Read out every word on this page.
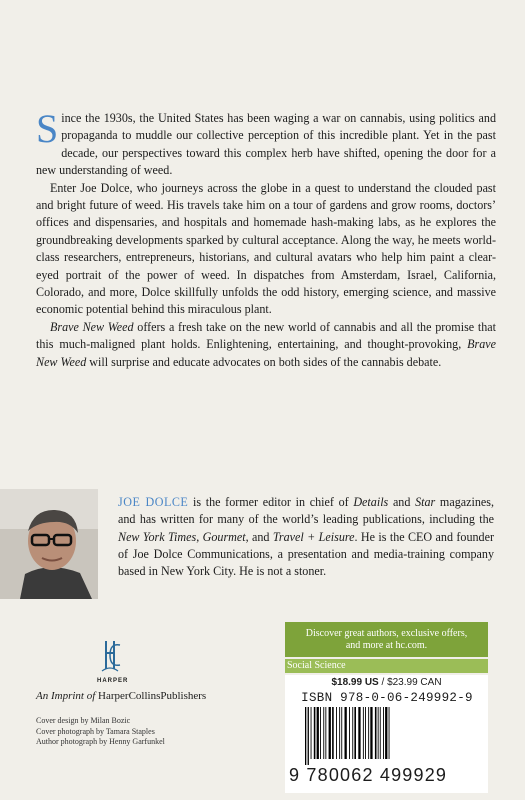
Since the 1930s, the United States has been waging a war on cannabis, using politics and propaganda to muddle our collective perception of this incredible plant. Yet in the past decade, our perspectives toward this complex herb have shifted, opening the door for a new understanding of weed.

Enter Joe Dolce, who journeys across the globe in a quest to understand the clouded past and bright future of weed. His travels take him on a tour of gardens and grow rooms, doctors’ offices and dispensaries, and hospitals and homemade hash-making labs, as he explores the groundbreaking developments sparked by cultural acceptance. Along the way, he meets world-class researchers, entrepreneurs, historians, and cultural avatars who help him paint a clear-eyed portrait of the power of weed. In dispatches from Amsterdam, Israel, California, Colorado, and more, Dolce skillfully unfolds the odd history, emerging science, and massive economic potential behind this miraculous plant.

Brave New Weed offers a fresh take on the new world of cannabis and all the promise that this much-maligned plant holds. Enlightening, entertaining, and thought-provoking, Brave New Weed will surprise and educate advocates on both sides of the cannabis debate.

JOE DOLCE is the former editor in chief of Details and Star magazines, and has written for many of the world’s leading publications, including the New York Times, Gourmet, and Travel + Leisure. He is the CEO and founder of Joe Dolce Communications, a presentation and media-training company based in New York City. He is not a stoner.
HARPER
An Imprint of HarperCollinsPublishers
Cover design by Milan Bozic
Cover photograph by Tamara Staples
Author photograph by Henny Garfunkel
Discover great authors, exclusive offers,
and more at hc.com.
Social Science
$18.99 US / $23.99 CAN
ISBN 978-0-06-249992-9
9 780062 499929
